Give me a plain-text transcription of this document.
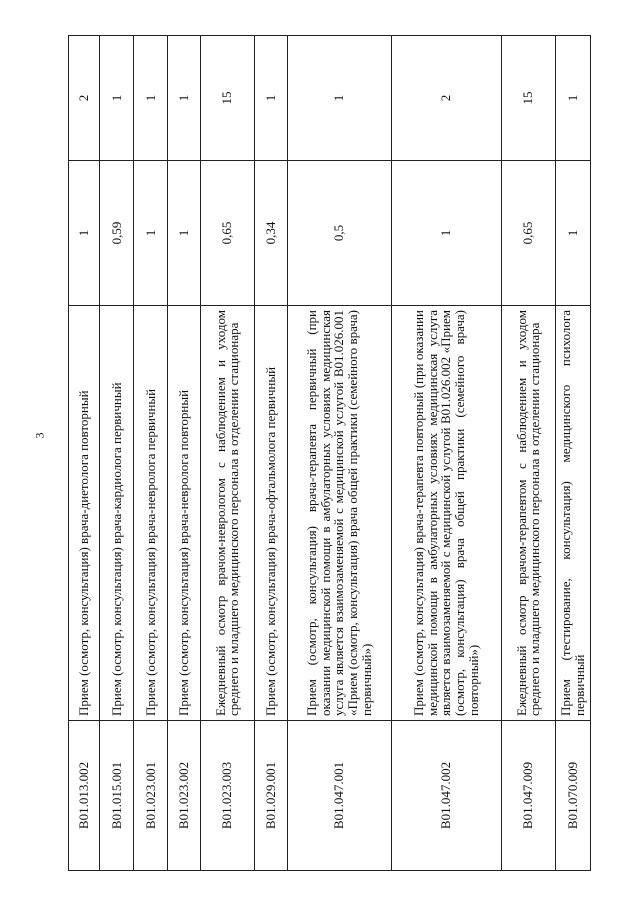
3
B01.013.002	Прием (осмотр, консультация) врача-диетолога повторный	1	2
B01.015.001	Прием (осмотр, консультация) врача-кардиолога первичный	0,59	1
B01.023.001	Прием (осмотр, консультация) врача-невролога первичный	1	1
B01.023.002	Прием (осмотр, консультация) врача-невролога повторный	1	1
B01.023.003	Ежедневный осмотр врачом-неврологом с наблюдением и уходом среднего и младшего медицинского персонала в отделении стационара	0,65	15
B01.029.001	Прием (осмотр, консультация) врача-офтальмолога первичный	0,34	1
B01.047.001	Прием (осмотр, консультация) врача-терапевта первичный (при оказании медицинской помощи в амбулаторных условиях медицинская услуга является взаимозаменяемой с медицинской услугой B01.026.001 «Прием (осмотр, консультация) врача общей практики (семейного врача) первичный»)	0,5	1
B01.047.002	Прием (осмотр, консультация) врача-терапевта повторный (при оказании медицинской помощи в амбулаторных условиях медицинская услуга является взаимозаменяемой с медицинской услугой B01.026.002 «Прием (осмотр, консультация) врача общей практики (семейного врача) повторный»)	1	2
B01.047.009	Ежедневный осмотр врачом-терапевтом с наблюдением и уходом среднего и младшего медицинского персонала в отделении стационара	0,65	15
B01.070.009	Прием (тестирование, консультация) медицинского психолога первичный	1	1
